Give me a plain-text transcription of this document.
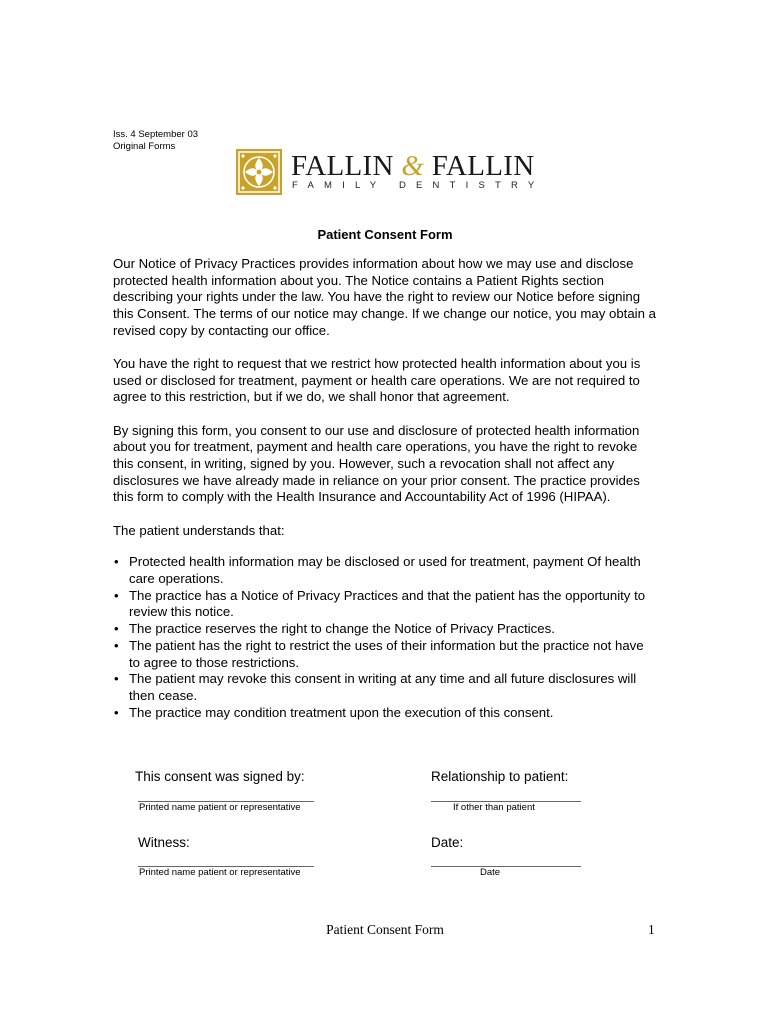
Iss. 4 September 03
Original Forms
FALLIN & FALLIN
FAMILY DENTISTRY
Patient Consent Form

Our Notice of Privacy Practices provides information about how we may use and disclose protected health information about you. The Notice contains a Patient Rights section describing your rights under the law. You have the right to review our Notice before signing this Consent. The terms of our notice may change. If we change our notice, you may obtain a revised copy by contacting our office.

You have the right to request that we restrict how protected health information about you is used or disclosed for treatment, payment or health care operations. We are not required to agree to this restriction, but if we do, we shall honor that agreement.

By signing this form, you consent to our use and disclosure of protected health information about you for treatment, payment and health care operations, you have the right to revoke this consent, in writing, signed by you. However, such a revocation shall not affect any disclosures we have already made in reliance on your prior consent. The practice provides this form to comply with the Health Insurance and Accountability Act of 1996 (HIPAA).

The patient understands that:

• Protected health information may be disclosed or used for treatment, payment Of health care operations.
• The practice has a Notice of Privacy Practices and that the patient has the opportunity to review this notice.
• The practice reserves the right to change the Notice of Privacy Practices.
• The patient has the right to restrict the uses of their information but the practice not have to agree to those restrictions.
• The patient may revoke this consent in writing at any time and all future disclosures will then cease.
• The practice may condition treatment upon the execution of this consent.
This consent was signed by:
Printed name patient or representative
Relationship to patient:
If other than patient
Witness:
Printed name patient or representative
Date:
Date
Patient Consent Form	1
